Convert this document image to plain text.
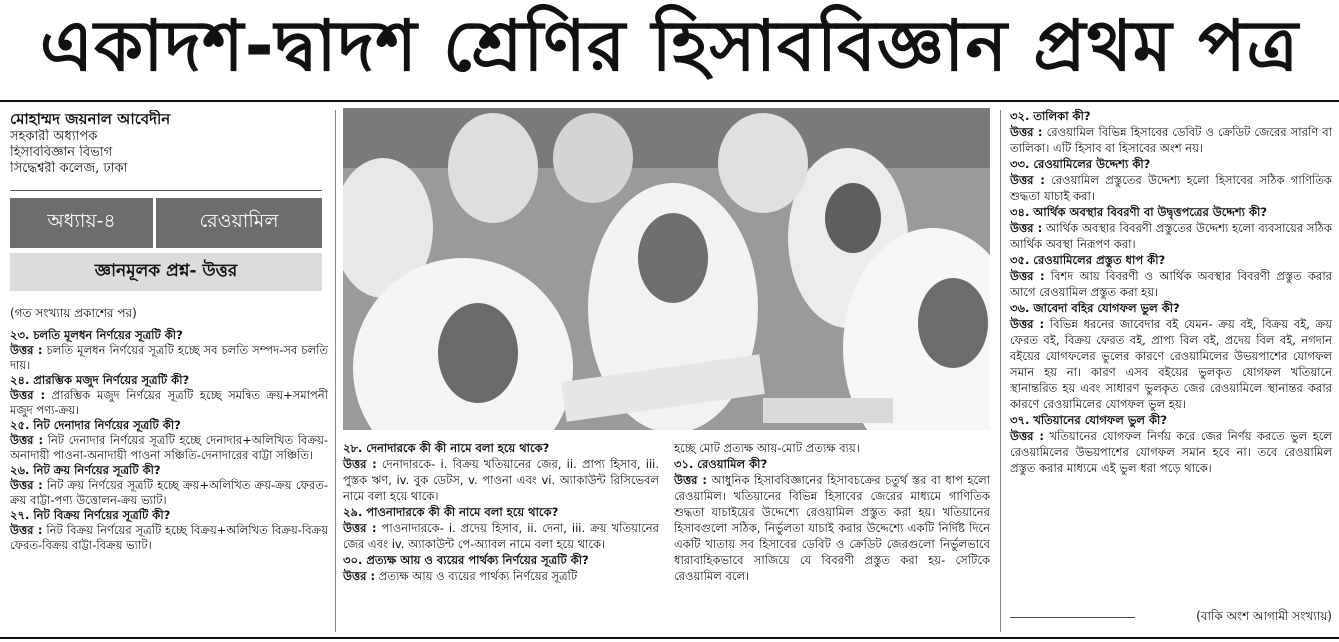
একাদশ-দ্বাদশ শ্রেণির হিসাববিজ্ঞান প্রথম পত্র
মোহাম্মদ জয়নাল আবেদীন
সহকারী অধ্যাপক
হিসাববিজ্ঞান বিভাগ
সিদ্ধেশ্বরী কলেজ, ঢাকা
অধ্যায়-৪	রেওয়ামিল
জ্ঞানমূলক প্রশ্ন- উত্তর
(গত সংখ্যায় প্রকাশের পর)
২৩. চলতি মূলধন নির্ণয়ের সূত্রটি কী?
উত্তর : চলতি মূলধন নির্ণয়ের সূত্রটি হচ্ছে সব চলতি সম্পদ-সব চলতি দায়।
২৪. প্রারম্ভিক মজুদ নির্ণয়ের সূত্রটি কী?
উত্তর : প্রারম্ভিক মজুদ নির্ণয়ের সূত্রটি হচ্ছে সমন্বিত ক্রয়+সমাপনী মজুদ পণ্য-ক্রয়।
২৫. নিট দেনাদার নির্ণয়ের সূত্রটি কী?
উত্তর : নিট দেনাদার নির্ণয়ের সূত্রটি হচ্ছে দেনাদার+অলিখিত বিক্রয়-অনাদায়ী পাওনা-অনাদায়ী পাওনা সঞ্চিতি-দেনাদারের বাট্টা সঞ্চিতি।
২৬. নিট ক্রয় নির্ণয়ের সূত্রটি কী?
উত্তর : নিট ক্রয় নির্ণয়ের সূত্রটি হচ্ছে ক্রয়+অলিখিত ক্রয়-ক্রয় ফেরত-ক্রয় বাট্টা-পণ্য উত্তোলন-ক্রয় ভ্যাট।
২৭. নিট বিক্রয় নির্ণয়ের সূত্রটি কী?
উত্তর : নিট বিক্রয় নির্ণয়ের সূত্রটি হচ্ছে বিক্রয়+অলিখিত বিক্রয়-বিক্রয় ফেরত-বিক্রয় বাট্টা-বিক্রয় ভ্যাট।
২৮. দেনাদারকে কী কী নামে বলা হয়ে থাকে?
উত্তর : দেনাদারকে- i. বিক্রয় খতিয়ানের জের, ii. প্রাপ্য হিসাব, iii. পুস্তক ঋণ, iv. বুক ডেটস, v. পাওনা এবং vi. অ্যাকাউন্ট রিসিভেবল নামে বলা হয়ে থাকে।
২৯. পাওনাদারকে কী কী নামে বলা হয়ে থাকে?
উত্তর : পাওনাদারকে- i. প্রদেয় হিসাব, ii. দেনা, iii. ক্রয় খতিয়ানের জের এবং iv. অ্যাকাউন্ট পে-অ্যাবল নামে বলা হয়ে থাকে।
৩০. প্রত্যক্ষ আয় ও ব্যয়ের পার্থক্য নির্ণয়ের সূত্রটি কী?
উত্তর : প্রত্যক্ষ আয় ও ব্যয়ের পার্থক্য নির্ণয়ের সূত্রটি
হচ্ছে মোট প্রত্যক্ষ আয়-মোট প্রত্যক্ষ ব্যয়।
৩১. রেওয়ামিল কী?
উত্তর : আধুনিক হিসাববিজ্ঞানের হিসাবচক্রের চতুর্থ স্তর বা ধাপ হলো রেওয়ামিল। খতিয়ানের বিভিন্ন হিসাবের জেরের মাধ্যমে গাণিতিক শুদ্ধতা যাচাইয়ের উদ্দেশ্যে রেওয়ামিল প্রস্তুত করা হয়। খতিয়ানের হিসাবগুলো সঠিক, নির্ভুলতা যাচাই করার উদ্দেশ্যে একটি নির্দিষ্ট দিনে একটি খাতায় সব হিসাবের ডেবিট ও ক্রেডিট জেরগুলো নির্ভুলভাবে ধারাবাহিকভাবে সাজিয়ে যে বিবরণী প্রস্তুত করা হয়- সেটিকে রেওয়ামিল বলে।
৩২. তালিকা কী?
উত্তর : রেওয়ামিল বিভিন্ন হিসাবের ডেবিট ও ক্রেডিট জেরের সারণি বা তালিকা। এটি হিসাব বা হিসাবের অংশ নয়।
৩৩. রেওয়ামিলের উদ্দেশ্য কী?
উত্তর : রেওয়ামিল প্রস্তুতের উদ্দেশ্য হলো হিসাবের সঠিক গাণিতিক শুদ্ধতা যাচাই করা।
৩৪. আর্থিক অবস্থার বিবরণী বা উদ্বৃত্তপত্রের উদ্দেশ্য কী?
উত্তর : আর্থিক অবস্থার বিবরণী প্রস্তুতের উদ্দেশ্য হলো ব্যবসায়ের সঠিক আর্থিক অবস্থা নিরূপণ করা।
৩৫. রেওয়ামিলের প্রস্তুত ধাপ কী?
উত্তর : বিশদ আয় বিবরণী ও আর্থিক অবস্থার বিবরণী প্রস্তুত করার আগে রেওয়ামিল প্রস্তুত করা হয়।
৩৬. জাবেদা বহির যোগফল ভুল কী?
উত্তর : বিভিন্ন ধরনের জাবেদার বই যেমন- ক্রয় বই, বিক্রয় বই, ক্রয় ফেরত বই, বিক্রয় ফেরত বই, প্রাপ্য বিল বই, প্রদেয় বিল বই, নগদান বইয়ের যোগফলের ভুলের কারণে রেওয়ামিলের উভয়পাশের যোগফল সমান হয় না। কারণ এসব বইয়ের ভুলকৃত যোগফল খতিয়ানে স্থানান্তরিত হয় এবং সাধারণ ভুলকৃত জের রেওয়ামিলে স্থানান্তর করার কারণে রেওয়ামিলের যোগফল ভুল হয়।
৩৭. খতিয়ানের যোগফল ভুল কী?
উত্তর : খতিয়ানের যোগফল নির্ণয় করে জের নির্ণয় করতে ভুল হলে রেওয়ামিলের উভয়পাশের যোগফল সমান হবে না। তবে রেওয়ামিল প্রস্তুত করার মাধ্যমে এই ভুল ধরা পড়ে থাকে।
(বাকি অংশ আগামী সংখ্যায়)
